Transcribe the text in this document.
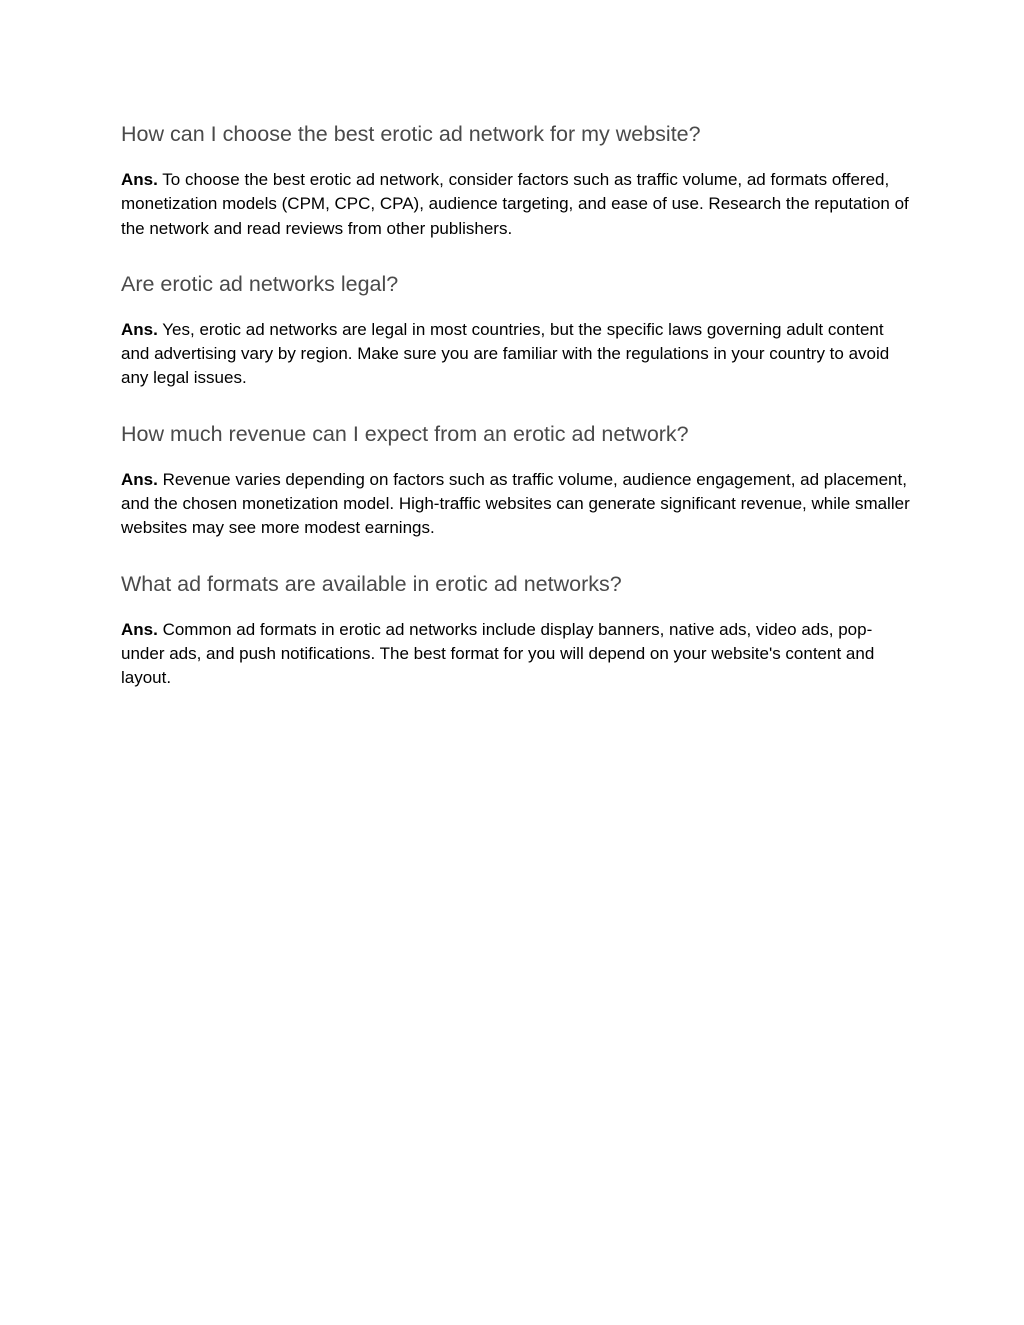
How can I choose the best erotic ad network for my website?

Ans. To choose the best erotic ad network, consider factors such as traffic volume, ad formats offered, monetization models (CPM, CPC, CPA), audience targeting, and ease of use. Research the reputation of the network and read reviews from other publishers.

Are erotic ad networks legal?

Ans. Yes, erotic ad networks are legal in most countries, but the specific laws governing adult content and advertising vary by region. Make sure you are familiar with the regulations in your country to avoid any legal issues.

How much revenue can I expect from an erotic ad network?

Ans. Revenue varies depending on factors such as traffic volume, audience engagement, ad placement, and the chosen monetization model. High-traffic websites can generate significant revenue, while smaller websites may see more modest earnings.

What ad formats are available in erotic ad networks?

Ans. Common ad formats in erotic ad networks include display banners, native ads, video ads, pop-under ads, and push notifications. The best format for you will depend on your website's content and layout.
